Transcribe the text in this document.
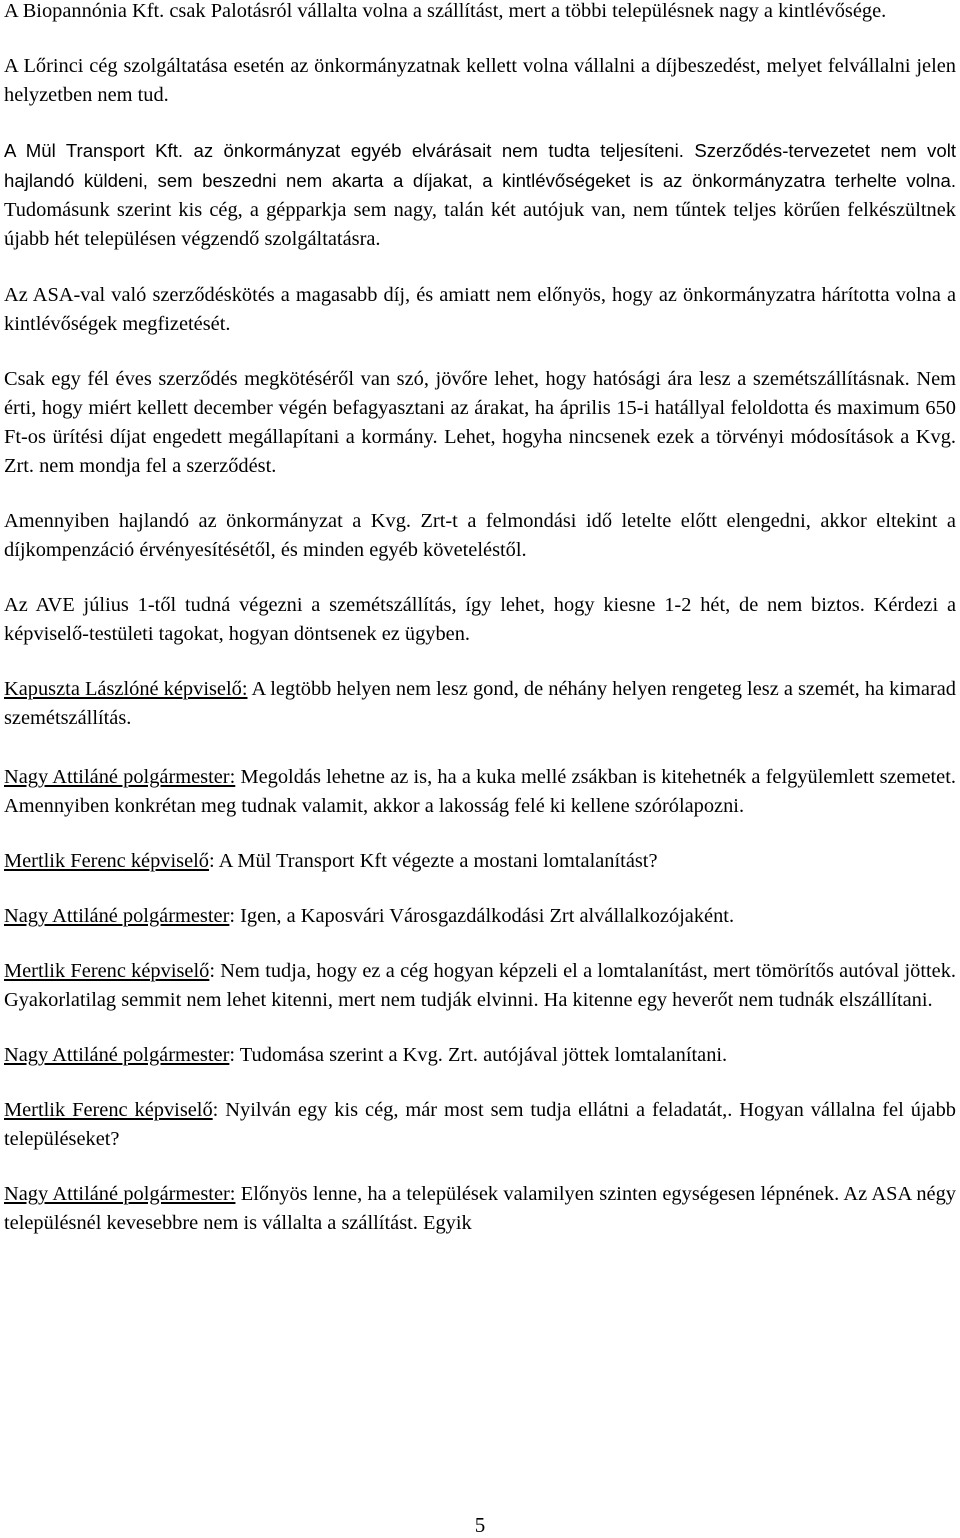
A Biopannónia Kft. csak Palotásról vállalta volna a szállítást, mert a többi településnek nagy a kintlévősége.

A Lőrinci cég szolgáltatása esetén az önkormányzatnak kellett volna vállalni a díjbeszedést, melyet felvállalni jelen helyzetben nem tud.

A Mül Transport Kft. az önkormányzat egyéb elvárásait nem tudta teljesíteni. Szerződés-tervezetet nem volt hajlandó küldeni, sem beszedni nem akarta a díjakat, a kintlévőségeket is az önkormányzatra terhelte volna. Tudomásunk szerint kis cég, a gépparkja sem nagy, talán két autójuk van, nem tűntek teljes körűen felkészültnek újabb hét településen végzendő szolgáltatásra.

Az ASA-val való szerződéskötés a magasabb díj, és amiatt nem előnyös, hogy az önkormányzatra hárította volna a kintlévőségek megfizetését.

Csak egy fél éves szerződés megkötéséről van szó, jövőre lehet, hogy hatósági ára lesz a szemétszállításnak. Nem érti, hogy miért kellett december végén befagyasztani az árakat, ha április 15-i hatállyal feloldotta és maximum 650 Ft-os ürítési díjat engedett megállapítani a kormány. Lehet, hogyha nincsenek ezek a törvényi módosítások a Kvg. Zrt. nem mondja fel a szerződést.

Amennyiben hajlandó az önkormányzat a Kvg. Zrt-t a felmondási idő letelte előtt elengedni, akkor eltekint a díjkompenzáció érvényesítésétől, és minden egyéb követeléstől.

Az AVE július 1-től tudná végezni a szemétszállítás, így lehet, hogy kiesne 1-2 hét, de nem biztos. Kérdezi a képviselő-testületi tagokat, hogyan döntsenek ez ügyben.

Kapuszta Lászlóné képviselő: A legtöbb helyen nem lesz gond, de néhány helyen rengeteg lesz a szemét, ha kimarad szemétszállítás.

Nagy Attiláné polgármester: Megoldás lehetne az is, ha a kuka mellé zsákban is kitehetnék a felgyülemlett szemetet. Amennyiben konkrétan meg tudnak valamit, akkor a lakosság felé ki kellene szórólapozni.

Mertlik Ferenc képviselő: A Mül Transport Kft végezte a mostani lomtalanítást?

Nagy Attiláné polgármester: Igen, a Kaposvári Városgazdálkodási Zrt alvállalkozójaként.

Mertlik Ferenc képviselő: Nem tudja, hogy ez a cég hogyan képzeli el a lomtalanítást, mert tömörítős autóval jöttek. Gyakorlatilag semmit nem lehet kitenni, mert nem tudják elvinni. Ha kitenne egy heverőt nem tudnák elszállítani.

Nagy Attiláné polgármester: Tudomása szerint a Kvg. Zrt. autójával jöttek lomtalanítani.

Mertlik Ferenc képviselő: Nyilván egy kis cég, már most sem tudja ellátni a feladatát,. Hogyan vállalna fel újabb településeket?

Nagy Attiláné polgármester: Előnyös lenne, ha a települések valamilyen szinten egységesen lépnének. Az ASA négy településnél kevesebbre nem is vállalta a szállítást. Egyik

5
